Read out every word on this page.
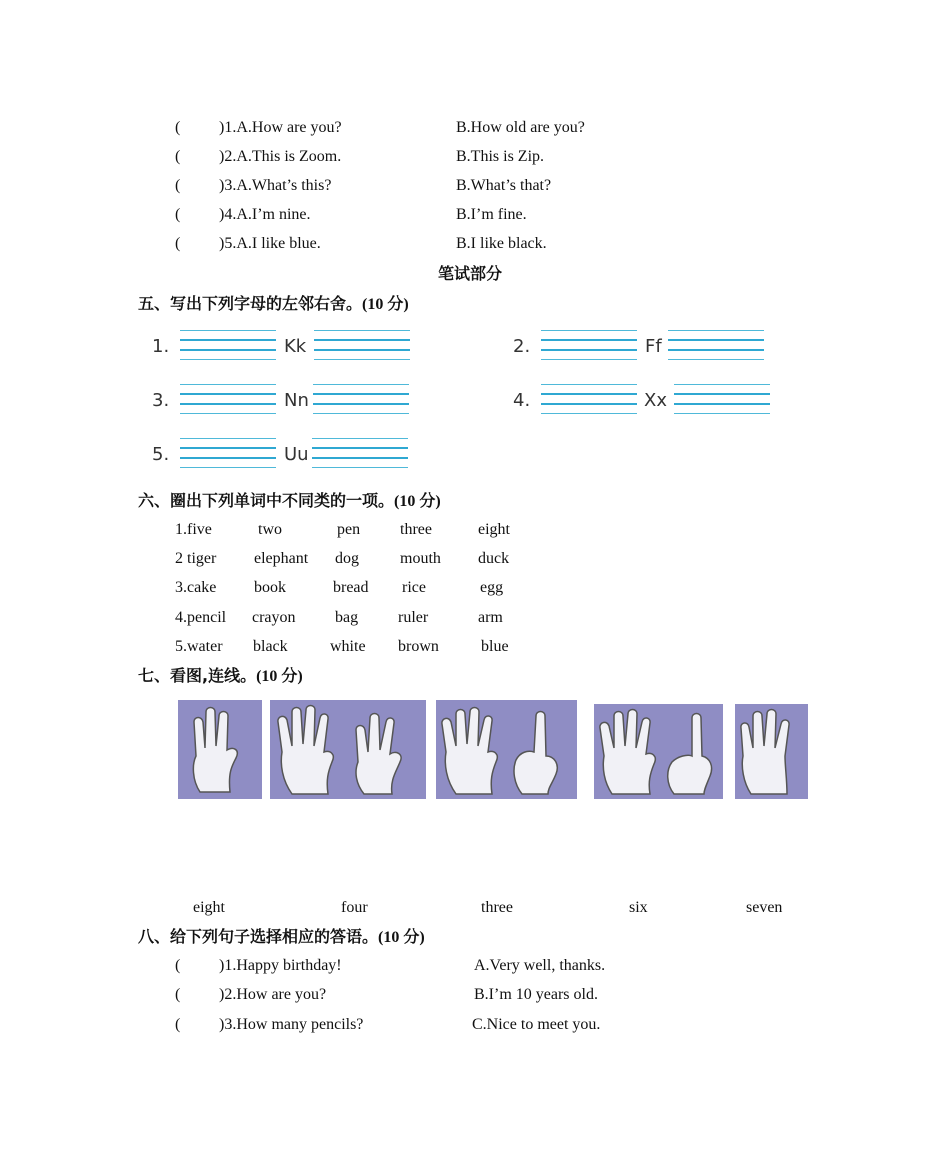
( )1.A.How are you?	B.How old are you?
( )2.A.This is Zoom.	B.This is Zip.
( )3.A.What’s this?	B.What’s that?
( )4.A.I’m nine.	B.I’m fine.
( )5.A.I like blue.	B.I like black.
笔试部分
五、写出下列字母的左邻右舍。(10 分)
1.	Kk	2.	Ff
3.	Nn	4.	Xx
5.	Uu
六、圈出下列单词中不同类的一项。(10 分)
1.five	two	pen three	eight
2 tiger elephant dog	mouth duck
3.cake book	bread rice	egg
4.pencil crayon bag ruler	arm
5.water black	white brown	blue
七、看图,连线。(10 分)
eight	four	three	six	seven
八、给下列句子选择相应的答语。(10 分)
( )1.Happy birthday!	A.Very well, thanks.
( )2.How are you?	B.I’m 10 years old.
( )3.How many pencils?	C.Nice to meet you.
